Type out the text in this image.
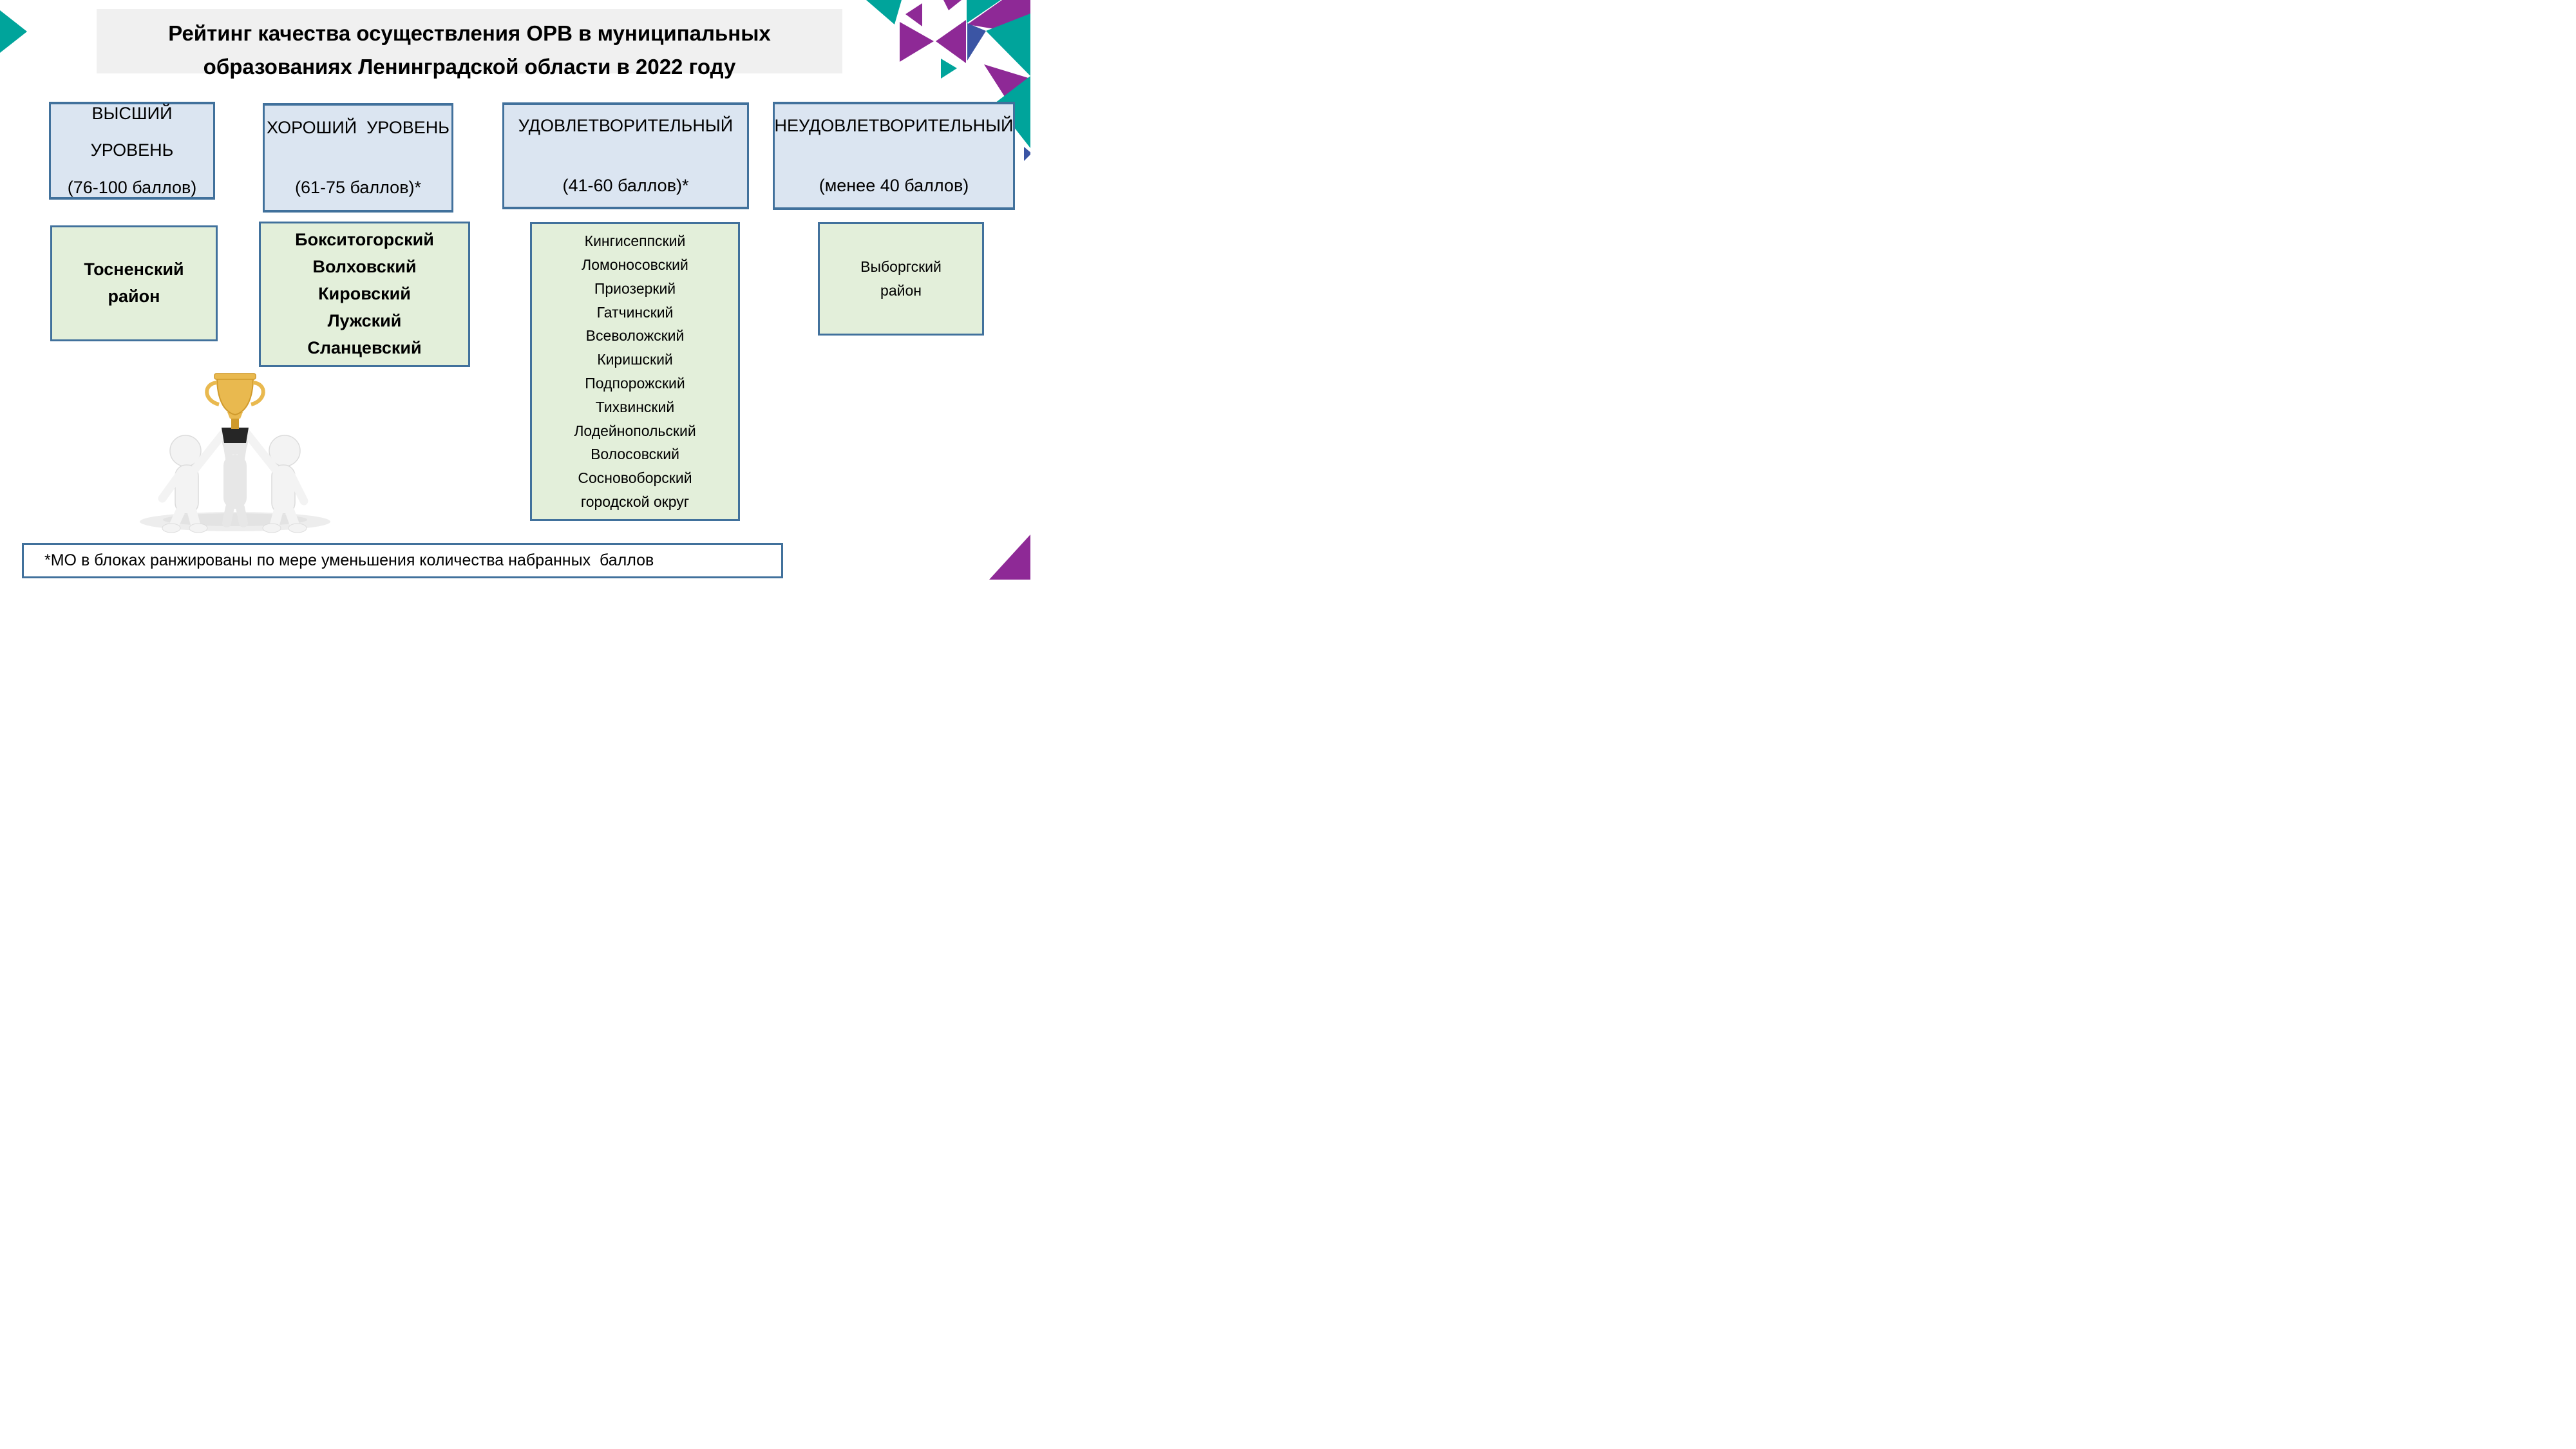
Рейтинг качества осуществления ОРВ в муниципальных
образованиях Ленинградской области в 2022 году
ВЫСШИЙ
УРОВЕНЬ
(76-100 баллов)
ХОРОШИЙ  УРОВЕНЬ
(61-75 баллов)*
УДОВЛЕТВОРИТЕЛЬНЫЙ
(41-60 баллов)*
НЕУДОВЛЕТВОРИТЕЛЬНЫЙ
(менее 40 баллов)
Тосненский
район
Бокситогорский
Волховский
Кировский
Лужский
Сланцевский
Кингисеппский
Ломоносовский
Приозеркий
Гатчинский
Всеволожский
Киришский
Подпорожский
Тихвинский
Лодейнопольский
Волосовский
Сосновоборский
городской округ
Выборгский
район
*МО в блоках ранжированы по мере уменьшения количества набранных  баллов
